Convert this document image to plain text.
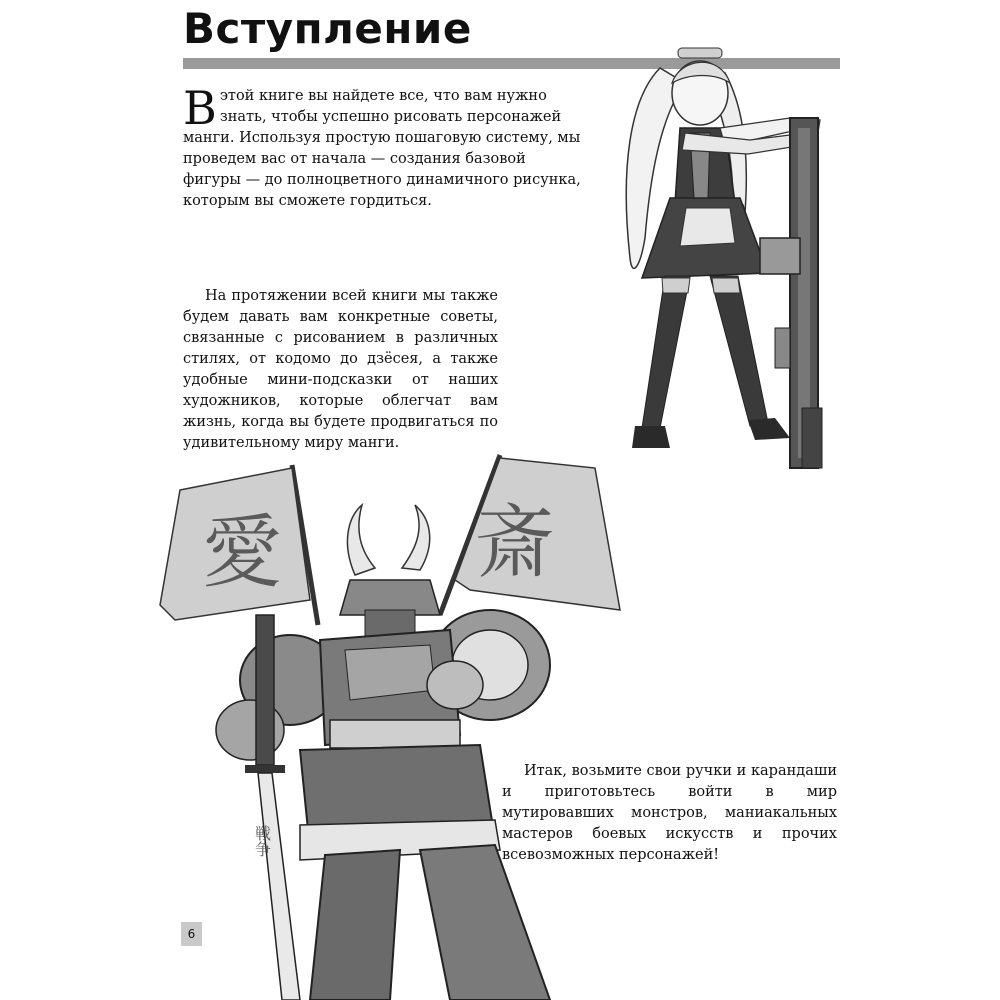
Вступление
В этой книге вы найдете все, что вам нужно знать, чтобы успешно рисовать персонажей манги. Используя простую пошаговую систему, мы проведем вас от начала — создания базовой фигуры — до полноцветного динамичного рисунка, которым вы сможете гордиться.

На протяжении всей книги мы также будем давать вам конкретные советы, связанные с рисованием в различных стилях, от кодомо до дзёсея, а также удобные мини-подсказки от наших художников, которые облегчат вам жизнь, когда вы будете продвигаться по удивительному миру манги.

Итак, возьмите свои ручки и карандаши и приготовьтесь войти в мир мутировавших монстров, маниакальных мастеров боевых искусств и прочих всевозможных персонажей!

愛 斎
戦争
6
